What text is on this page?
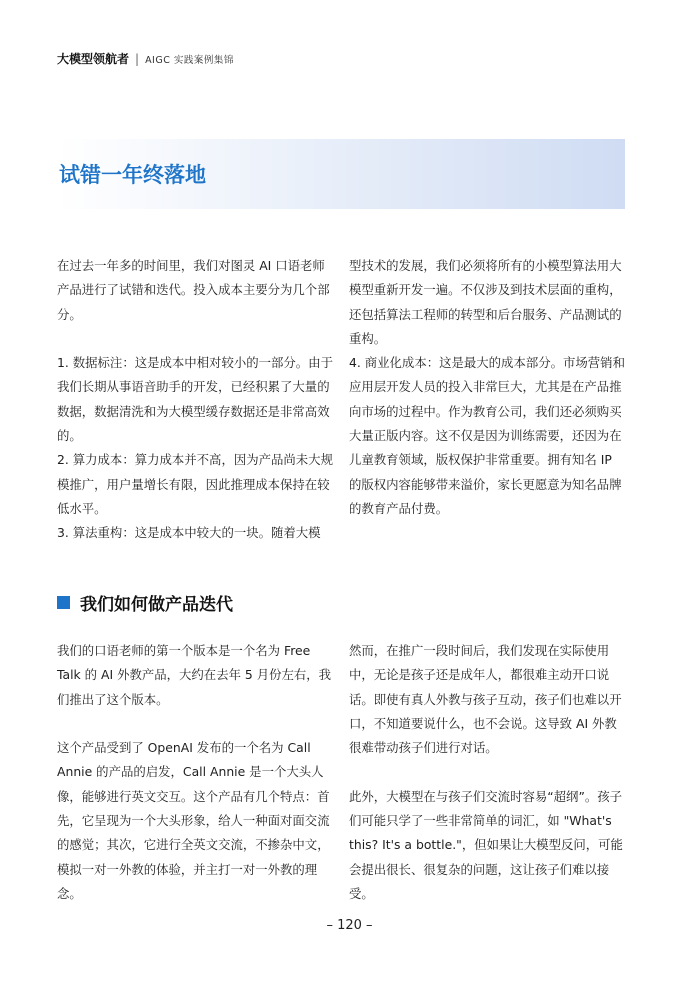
大模型领航者 | AIGC 实践案例集锦
试错一年终落地

在过去一年多的时间里，我们对图灵 AI 口语老师产品进行了试错和迭代。投入成本主要分为几个部分。

1. 数据标注：这是成本中相对较小的一部分。由于我们长期从事语音助手的开发，已经积累了大量的数据，数据清洗和为大模型缓存数据还是非常高效的。

2. 算力成本：算力成本并不高，因为产品尚未大规模推广，用户量增长有限，因此推理成本保持在较低水平。

3. 算法重构：这是成本中较大的一块。随着大模

型技术的发展，我们必须将所有的小模型算法用大模型重新开发一遍。不仅涉及到技术层面的重构，还包括算法工程师的转型和后台服务、产品测试的重构。

4. 商业化成本：这是最大的成本部分。市场营销和应用层开发人员的投入非常巨大，尤其是在产品推向市场的过程中。作为教育公司，我们还必须购买大量正版内容。这不仅是因为训练需要，还因为在儿童教育领域，版权保护非常重要。拥有知名 IP 的版权内容能够带来溢价，家长更愿意为知名品牌的教育产品付费。

我们如何做产品迭代

我们的口语老师的第一个版本是一个名为 Free Talk 的 AI 外教产品，大约在去年 5 月份左右，我们推出了这个版本。

这个产品受到了 OpenAI 发布的一个名为 Call Annie 的产品的启发，Call Annie 是一个大头人像，能够进行英文交互。这个产品有几个特点：首先，它呈现为一个大头形象，给人一种面对面交流的感觉；其次，它进行全英文交流，不掺杂中文，模拟一对一外教的体验，并主打一对一外教的理念。

然而，在推广一段时间后，我们发现在实际使用中，无论是孩子还是成年人，都很难主动开口说话。即使有真人外教与孩子互动，孩子们也难以开口，不知道要说什么，也不会说。这导致 AI 外教很难带动孩子们进行对话。

此外，大模型在与孩子们交流时容易“超纲”。孩子们可能只学了一些非常简单的词汇，如 "What's this? It's a bottle."，但如果让大模型反问，可能会提出很长、很复杂的问题，这让孩子们难以接受。

– 120 –
